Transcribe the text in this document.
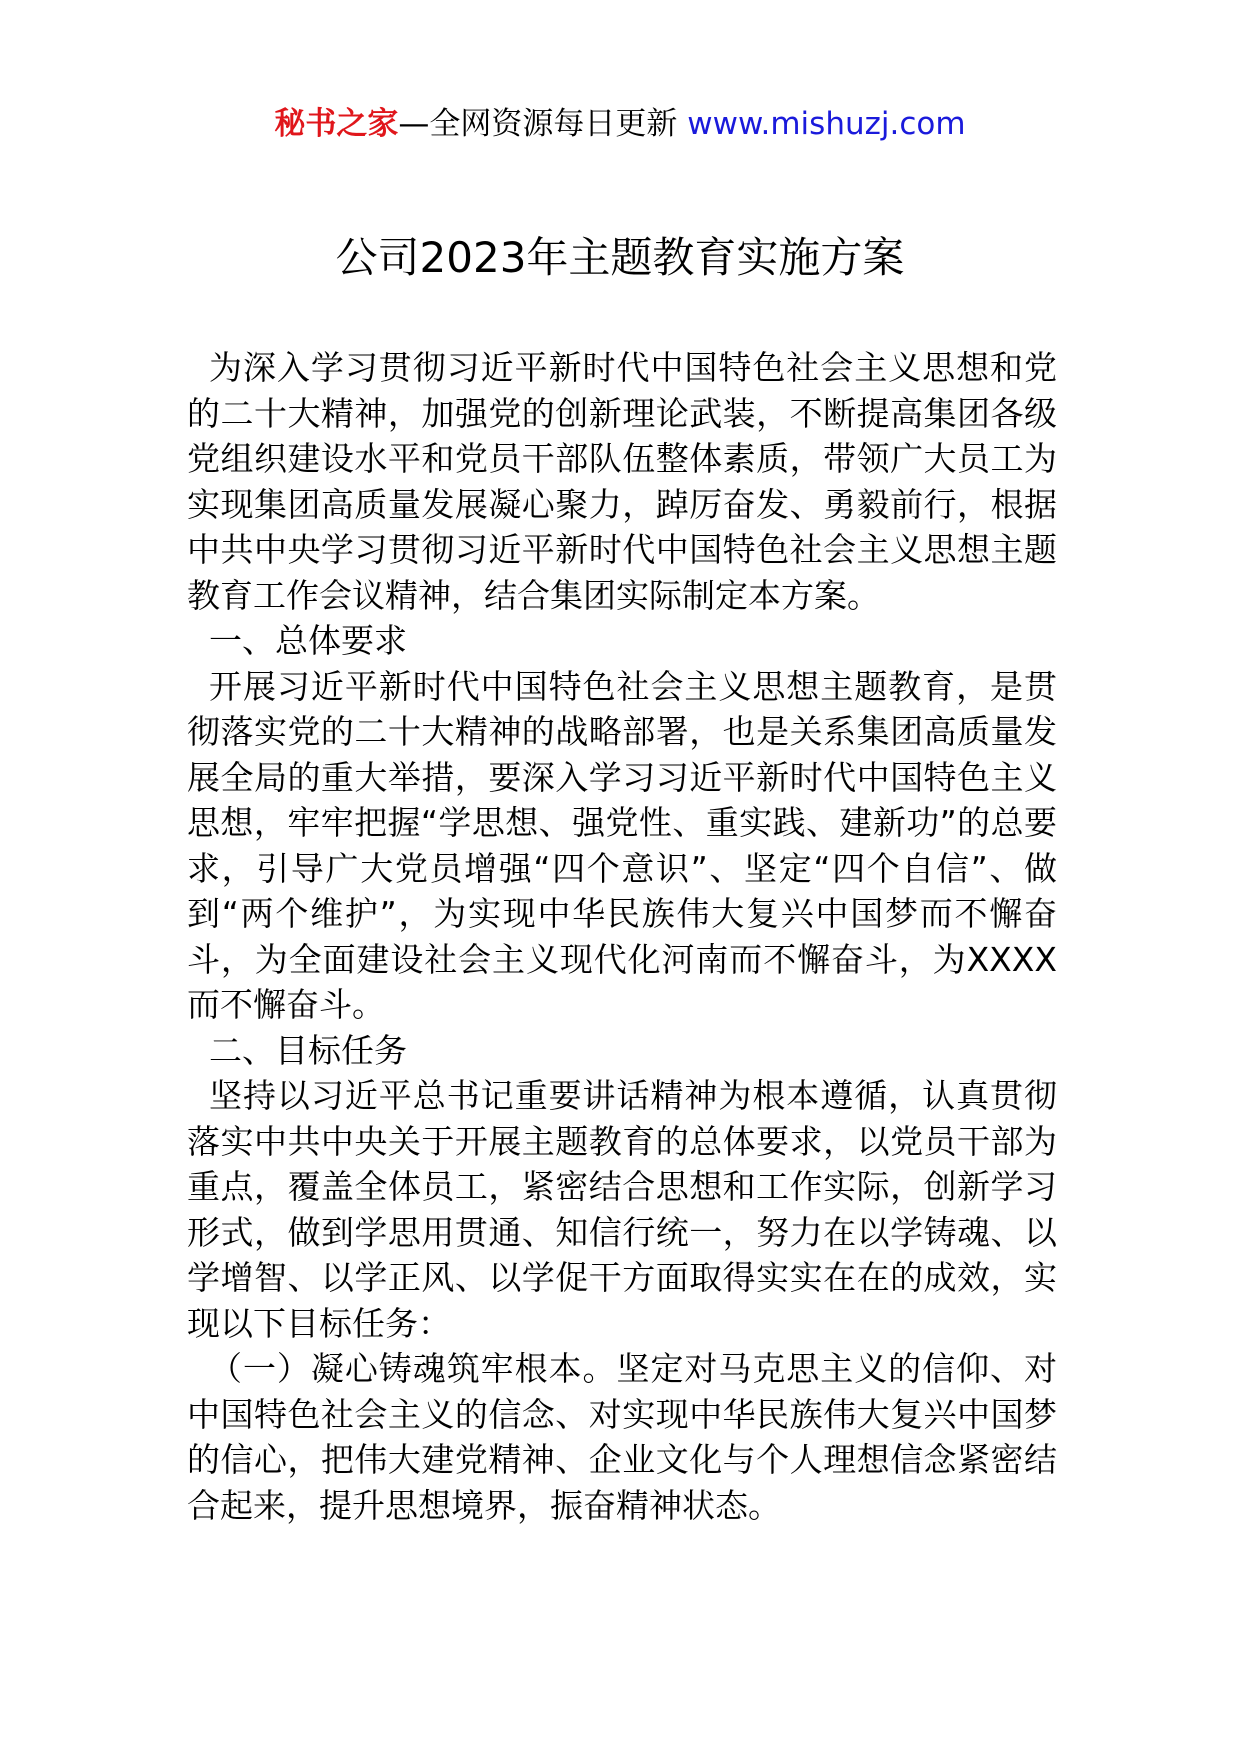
秘书之家—全网资源每日更新 www.mishuzj.com
公司2023年主题教育实施方案

为深入学习贯彻习近平新时代中国特色社会主义思想和党的二十大精神，加强党的创新理论武装，不断提高集团各级党组织建设水平和党员干部队伍整体素质，带领广大员工为实现集团高质量发展凝心聚力，踔厉奋发、勇毅前行，根据中共中央学习贯彻习近平新时代中国特色社会主义思想主题教育工作会议精神，结合集团实际制定本方案。

一、总体要求

开展习近平新时代中国特色社会主义思想主题教育，是贯彻落实党的二十大精神的战略部署，也是关系集团高质量发展全局的重大举措，要深入学习习近平新时代中国特色主义思想，牢牢把握“学思想、强党性、重实践、建新功”的总要求，引导广大党员增强“四个意识”、坚定“四个自信”、做到“两个维护”，为实现中华民族伟大复兴中国梦而不懈奋斗，为全面建设社会主义现代化河南而不懈奋斗，为XXXX而不懈奋斗。

二、目标任务

坚持以习近平总书记重要讲话精神为根本遵循，认真贯彻落实中共中央关于开展主题教育的总体要求，以党员干部为重点，覆盖全体员工，紧密结合思想和工作实际，创新学习形式，做到学思用贯通、知信行统一，努力在以学铸魂、以学增智、以学正风、以学促干方面取得实实在在的成效，实现以下目标任务：

（一）凝心铸魂筑牢根本。坚定对马克思主义的信仰、对中国特色社会主义的信念、对实现中华民族伟大复兴中国梦的信心，把伟大建党精神、企业文化与个人理想信念紧密结合起来，提升思想境界，振奋精神状态。
